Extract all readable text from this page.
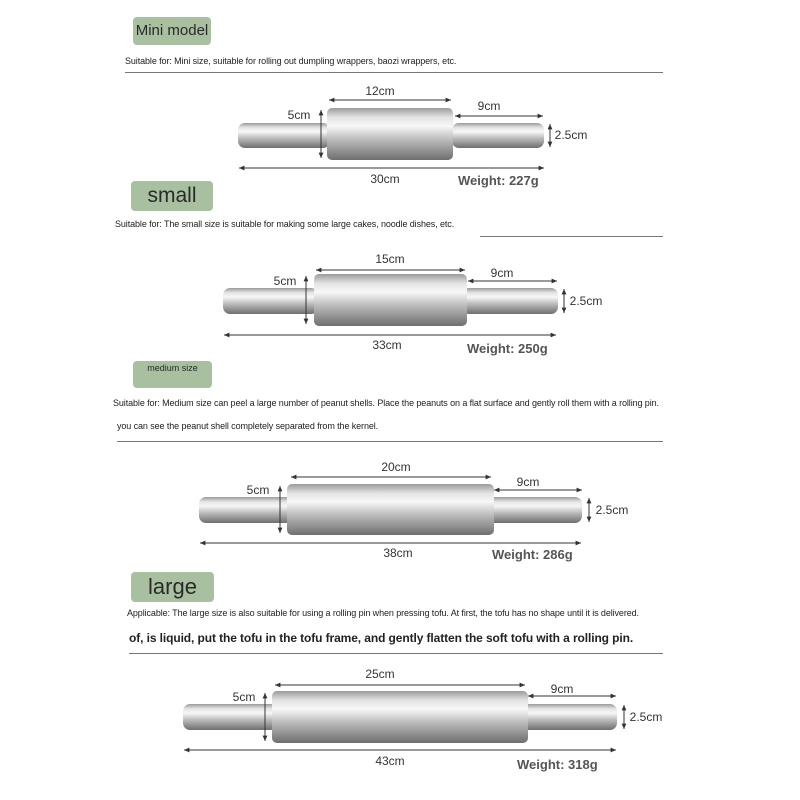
Mini model
Suitable for: Mini size, suitable for rolling out dumpling wrappers, baozi wrappers, etc.
12cm
9cm
5cm
2.5cm
30cm	Weight: 227g
small
Suitable for: The small size is suitable for making some large cakes, noodle dishes, etc.
15cm
9cm
5cm
2.5cm
33cm	Weight: 250g
medium size
Suitable for: Medium size can peel a large number of peanut shells. Place the peanuts on a flat surface and gently roll them with a rolling pin.
you can see the peanut shell completely separated from the kernel.
20cm
9cm
5cm
2.5cm
38cm	Weight: 286g
large
Applicable: The large size is also suitable for using a rolling pin when pressing tofu. At first, the tofu has no shape until it is delivered.
of, is liquid, put the tofu in the tofu frame, and gently flatten the soft tofu with a rolling pin.
25cm
9cm
5cm
2.5cm
43cm	Weight: 318g
